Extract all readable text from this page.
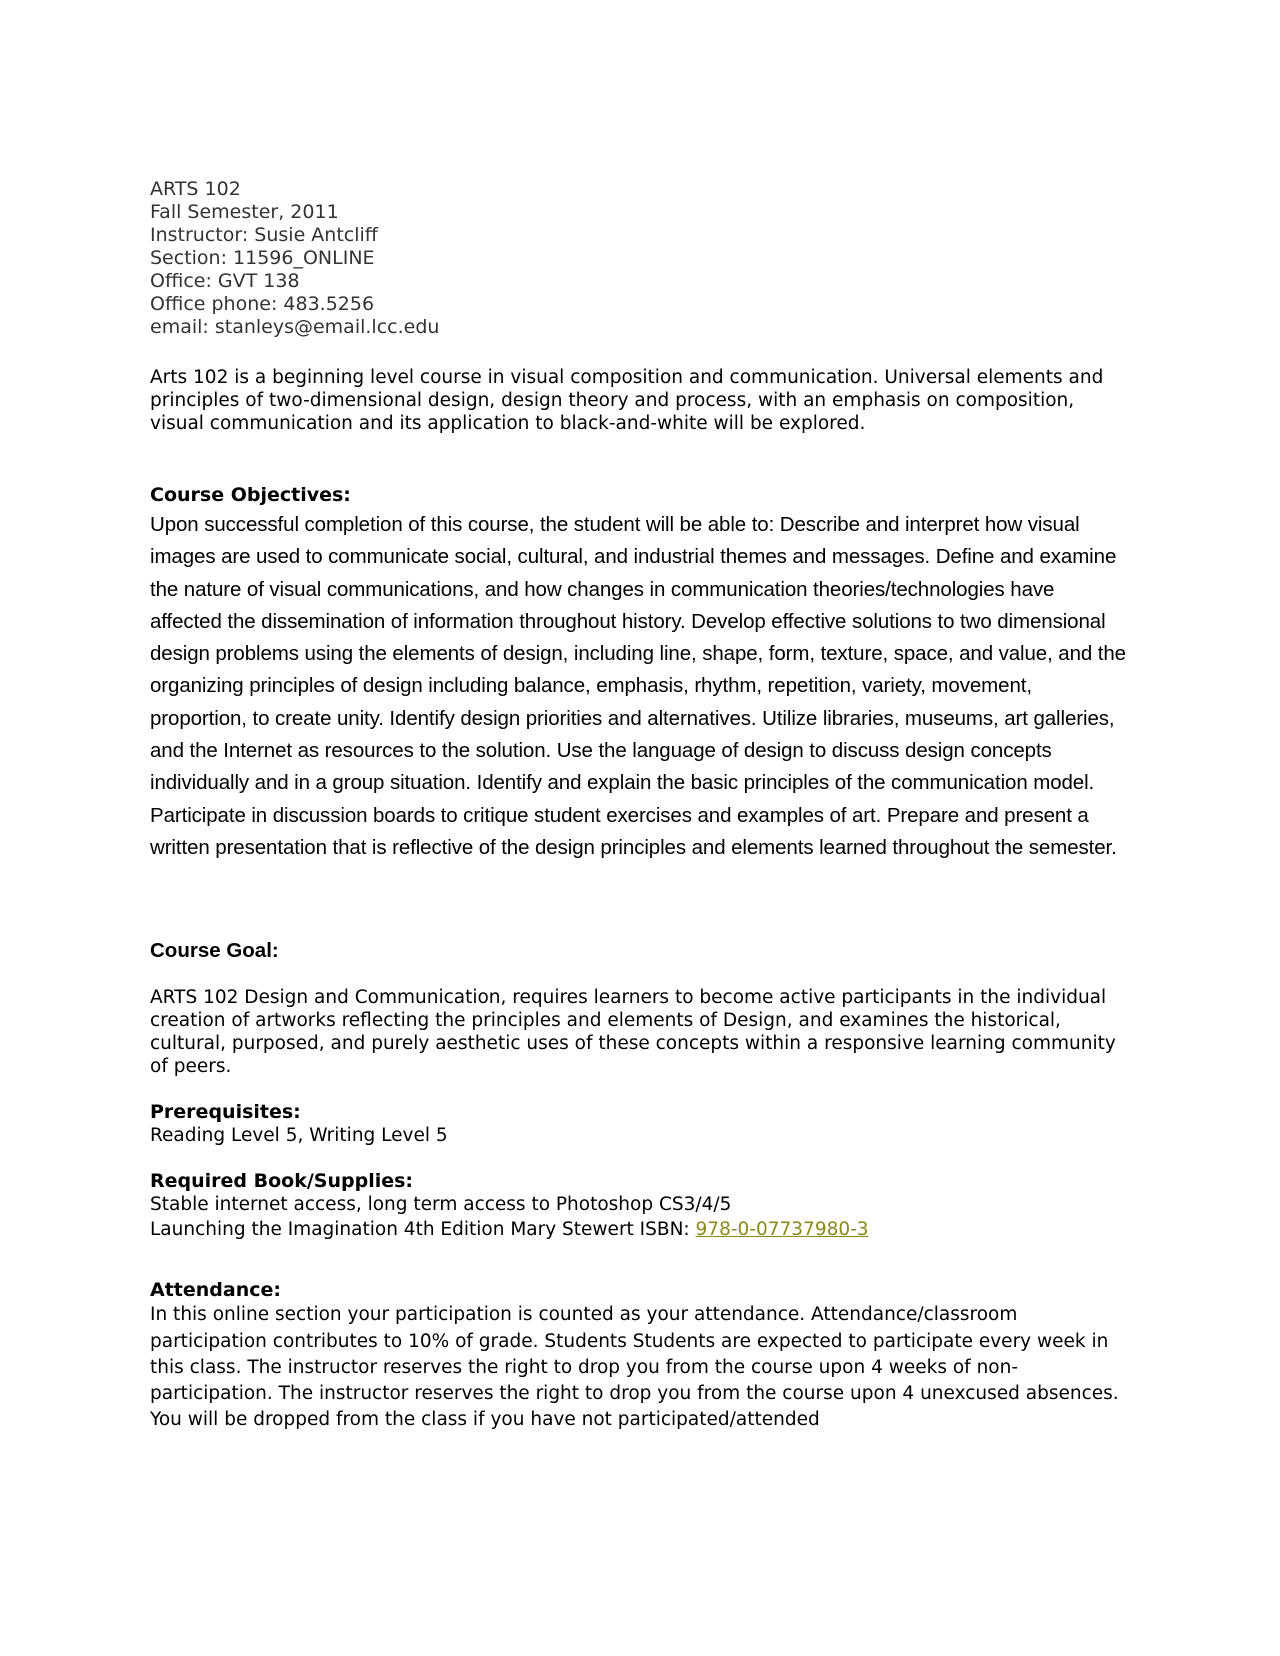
ARTS 102
Fall Semester, 2011
Instructor: Susie Antcliff
Section: 11596_ONLINE
Office: GVT 138
Office phone: 483.5256
email: stanleys@email.lcc.edu
Arts 102 is a beginning level course in visual composition and communication. Universal elements and principles of two-dimensional design, design theory and process, with an emphasis on composition, visual communication and its application to black-and-white will be explored.
Course Objectives:
Upon successful completion of this course, the student will be able to: Describe and interpret how visual images are used to communicate social, cultural, and industrial themes and messages. Define and examine the nature of visual communications, and how changes in communication theories/technologies have affected the dissemination of information throughout history. Develop effective solutions to two dimensional design problems using the elements of design, including line, shape, form, texture, space, and value, and the organizing principles of design including balance, emphasis, rhythm, repetition, variety, movement, proportion, to create unity. Identify design priorities and alternatives. Utilize libraries, museums, art galleries, and the Internet as resources to the solution. Use the language of design to discuss design concepts individually and in a group situation. Identify and explain the basic principles of the communication model. Participate in discussion boards to critique student exercises and examples of art. Prepare and present a written presentation that is reflective of the design principles and elements learned throughout the semester.
Course Goal:
ARTS 102 Design and Communication, requires learners to become active participants in the individual creation of artworks reflecting the principles and elements of Design, and examines the historical, cultural, purposed, and purely aesthetic uses of these concepts within a responsive learning community of peers.
Prerequisites:
Reading Level 5, Writing Level 5
Required Book/Supplies:
Stable internet access, long term access to Photoshop CS3/4/5
Launching the Imagination 4th Edition Mary Stewert ISBN: 978-0-07737980-3
Attendance:
In this online section your participation is counted as your attendance. Attendance/classroom participation contributes to 10% of grade. Students Students are expected to participate every week in this class. The instructor reserves the right to drop you from the course upon 4 weeks of non-participation. The instructor reserves the right to drop you from the course upon 4 unexcused absences. You will be dropped from the class if you have not participated/attended
